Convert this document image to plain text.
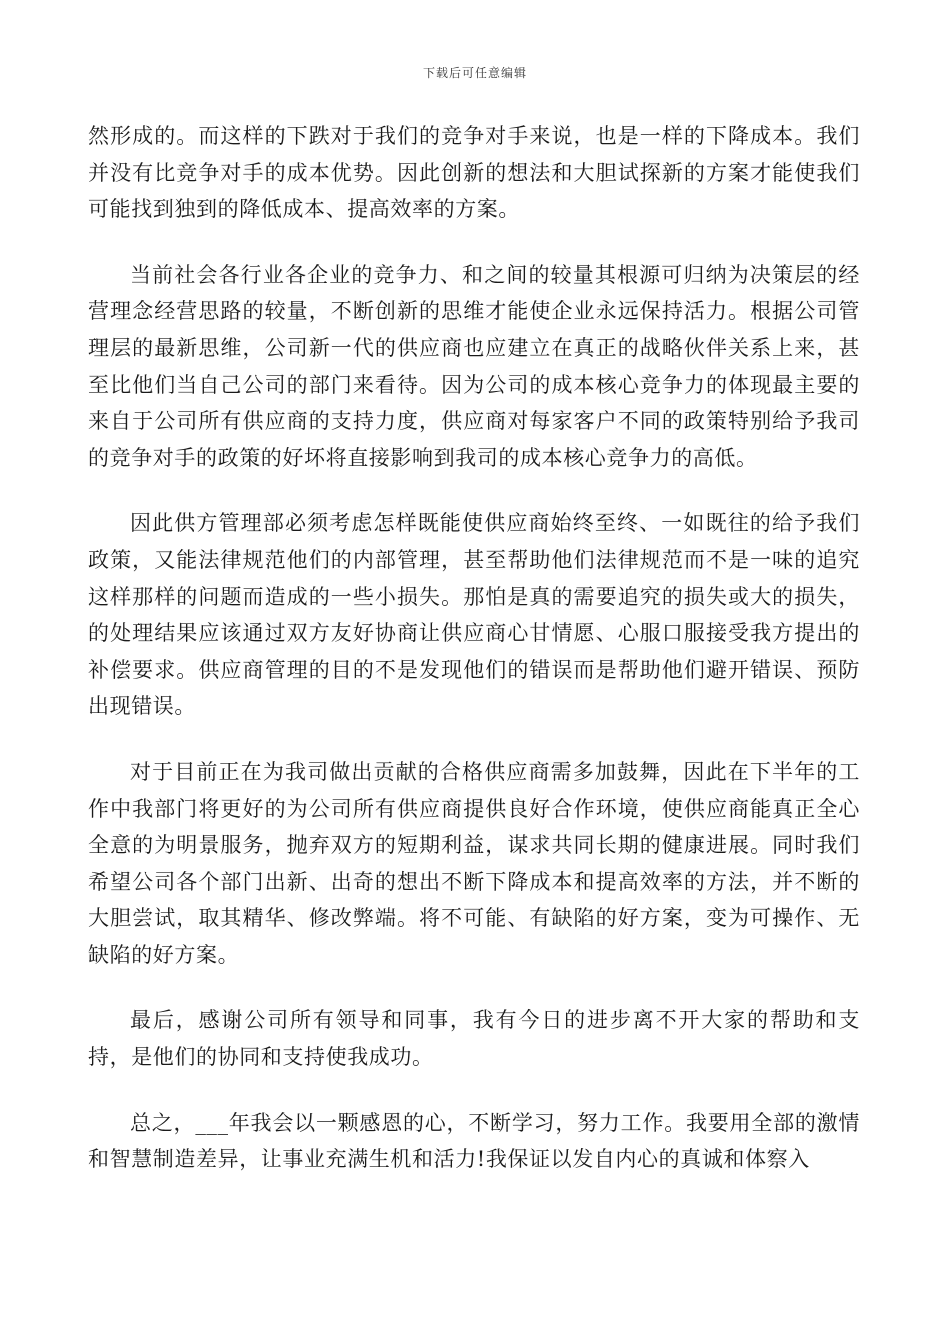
下载后可任意编辑

然形成的。而这样的下跌对于我们的竞争对手来说，也是一样的下降成本。我们并没有比竞争对手的成本优势。因此创新的想法和大胆试探新的方案才能使我们可能找到独到的降低成本、提高效率的方案。

当前社会各行业各企业的竞争力、和之间的较量其根源可归纳为决策层的经营理念经营思路的较量，不断创新的思维才能使企业永远保持活力。根据公司管理层的最新思维，公司新一代的供应商也应建立在真正的战略伙伴关系上来，甚至比他们当自己公司的部门来看待。因为公司的成本核心竞争力的体现最主要的来自于公司所有供应商的支持力度，供应商对每家客户不同的政策特别给予我司的竞争对手的政策的好坏将直接影响到我司的成本核心竞争力的高低。

因此供方管理部必须考虑怎样既能使供应商始终至终、一如既往的给予我们政策，又能法律规范他们的内部管理，甚至帮助他们法律规范而不是一味的追究这样那样的问题而造成的一些小损失。那怕是真的需要追究的损失或大的损失，的处理结果应该通过双方友好协商让供应商心甘情愿、心服口服接受我方提出的补偿要求。供应商管理的目的不是发现他们的错误而是帮助他们避开错误、预防出现错误。

对于目前正在为我司做出贡献的合格供应商需多加鼓舞，因此在下半年的工作中我部门将更好的为公司所有供应商提供良好合作环境，使供应商能真正全心全意的为明景服务，抛弃双方的短期利益，谋求共同长期的健康进展。同时我们希望公司各个部门出新、出奇的想出不断下降成本和提高效率的方法，并不断的大胆尝试，取其精华、修改弊端。将不可能、有缺陷的好方案，变为可操作、无缺陷的好方案。

最后，感谢公司所有领导和同事，我有今日的进步离不开大家的帮助和支持，是他们的协同和支持使我成功。

总之，___年我会以一颗感恩的心，不断学习，努力工作。我要用全部的激情和智慧制造差异，让事业充满生机和活力!我保证以发自内心的真诚和体察入
